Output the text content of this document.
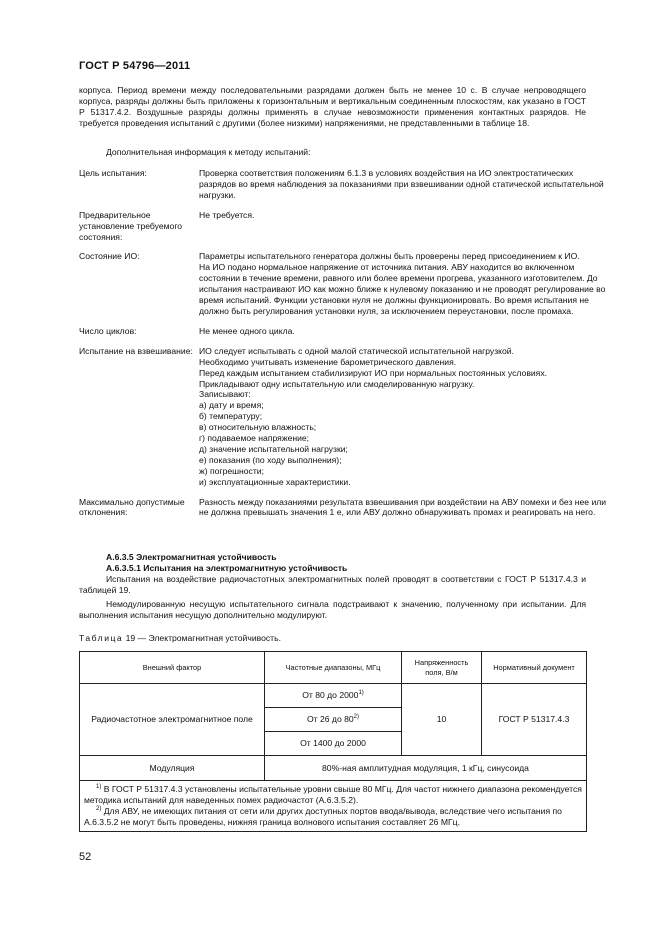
ГОСТ Р 54796—2011
корпуса. Период времени между последовательными разрядами должен быть не менее 10 с. В случае непроводящего корпуса, разряды должны быть приложены к горизонтальным и вертикальным соединенным плоскостям, как указано в ГОСТ Р 51317.4.2. Воздушные разряды должны применять в случае невозможности применения контактных разрядов. Не требуется проведения испытаний с другими (более низкими) напряжениями, не представленными в таблице 18.
Дополнительная информация к методу испытаний:
Цель испытания:	Проверка соответствия положениям 6.1.3 в условиях воздействия на ИО электростатических разрядов во время наблюдения за показаниями при взвешивании одной статической испытательной нагрузки.
Предварительное установление требуемого состояния:
Не требуется.
Состояние ИО:	Параметры испытательного генератора должны быть проверены перед присоединением к ИО.
На ИО подано нормальное напряжение от источника питания. АВУ находится во включенном состоянии в течение времени, равного или более времени прогрева, указанного изготовителем. До испытания настраивают ИО как можно ближе к нулевому показанию и не проводят регулирование во время испытаний. Функции установки нуля не должны функционировать. Во время испытания не должно быть регулирования установки нуля, за исключением переустановки, после промаха.
Число циклов:	Не менее одного цикла.
Испытание на взвешивание: ИО следует испытывать с одной малой статической испытательной нагрузкой.
Необходимо учитывать изменение барометрического давления.
Перед каждым испытанием стабилизируют ИО при нормальных постоянных условиях.
Прикладывают одну испытательную или смоделированную нагрузку.
Записывают:
а) дату и время;
б) температуру;
в) относительную влажность;
г) подаваемое напряжение;
д) значение испытательной нагрузки;
е) показания (по ходу выполнения);
ж) погрешности;
и) эксплуатационные характеристики.
Максимально допустимые отклонения:
Разность между показаниями результата взвешивания при воздействии на АВУ помехи и без нее или не должна превышать значения 1 е, или АВУ должно обнаруживать промах и реагировать на него.
А.6.3.5 Электромагнитная устойчивость
А.6.3.5.1 Испытания на электромагнитную устойчивость
Испытания на воздействие радиочастотных электромагнитных полей проводят в соответствии с ГОСТ Р 51317.4.3 и таблицей 19.
Немодулированную несущую испытательного сигнала подстраивают к значению, полученному при испытании. Для выполнения испытания несущую дополнительно модулируют.
Таблица 19 — Электромагнитная устойчивость.
Внешний фактор	Частотные диапазоны, МГц	Напряженность поля, В/м	Нормативный документ
Радиочастотное электромагнитное поле	От 80 до 2000$^{1)}$	10	ГОСТ Р 51317.4.3
	От 26 до 80$^{2)}$
	От 1400 до 2000		
Модуляция	80%-ная амплитудная модуляция, 1 кГц, синусоида		

$^{1)}$ В ГОСТ Р 51317.4.3 установлены испытательные уровни свыше 80 МГц. Для частот нижнего диапазона рекомендуется методика испытаний для наведенных помех радиочастот (А.6.3.5.2).

$^{2)}$ Для АВУ, не имеющих питания от сети или других доступных портов ввода/вывода, вследствие чего испытания по А.6.3.5.2 не могут быть проведены, нижняя граница волнового испытания составляет 26 МГц.			

52
